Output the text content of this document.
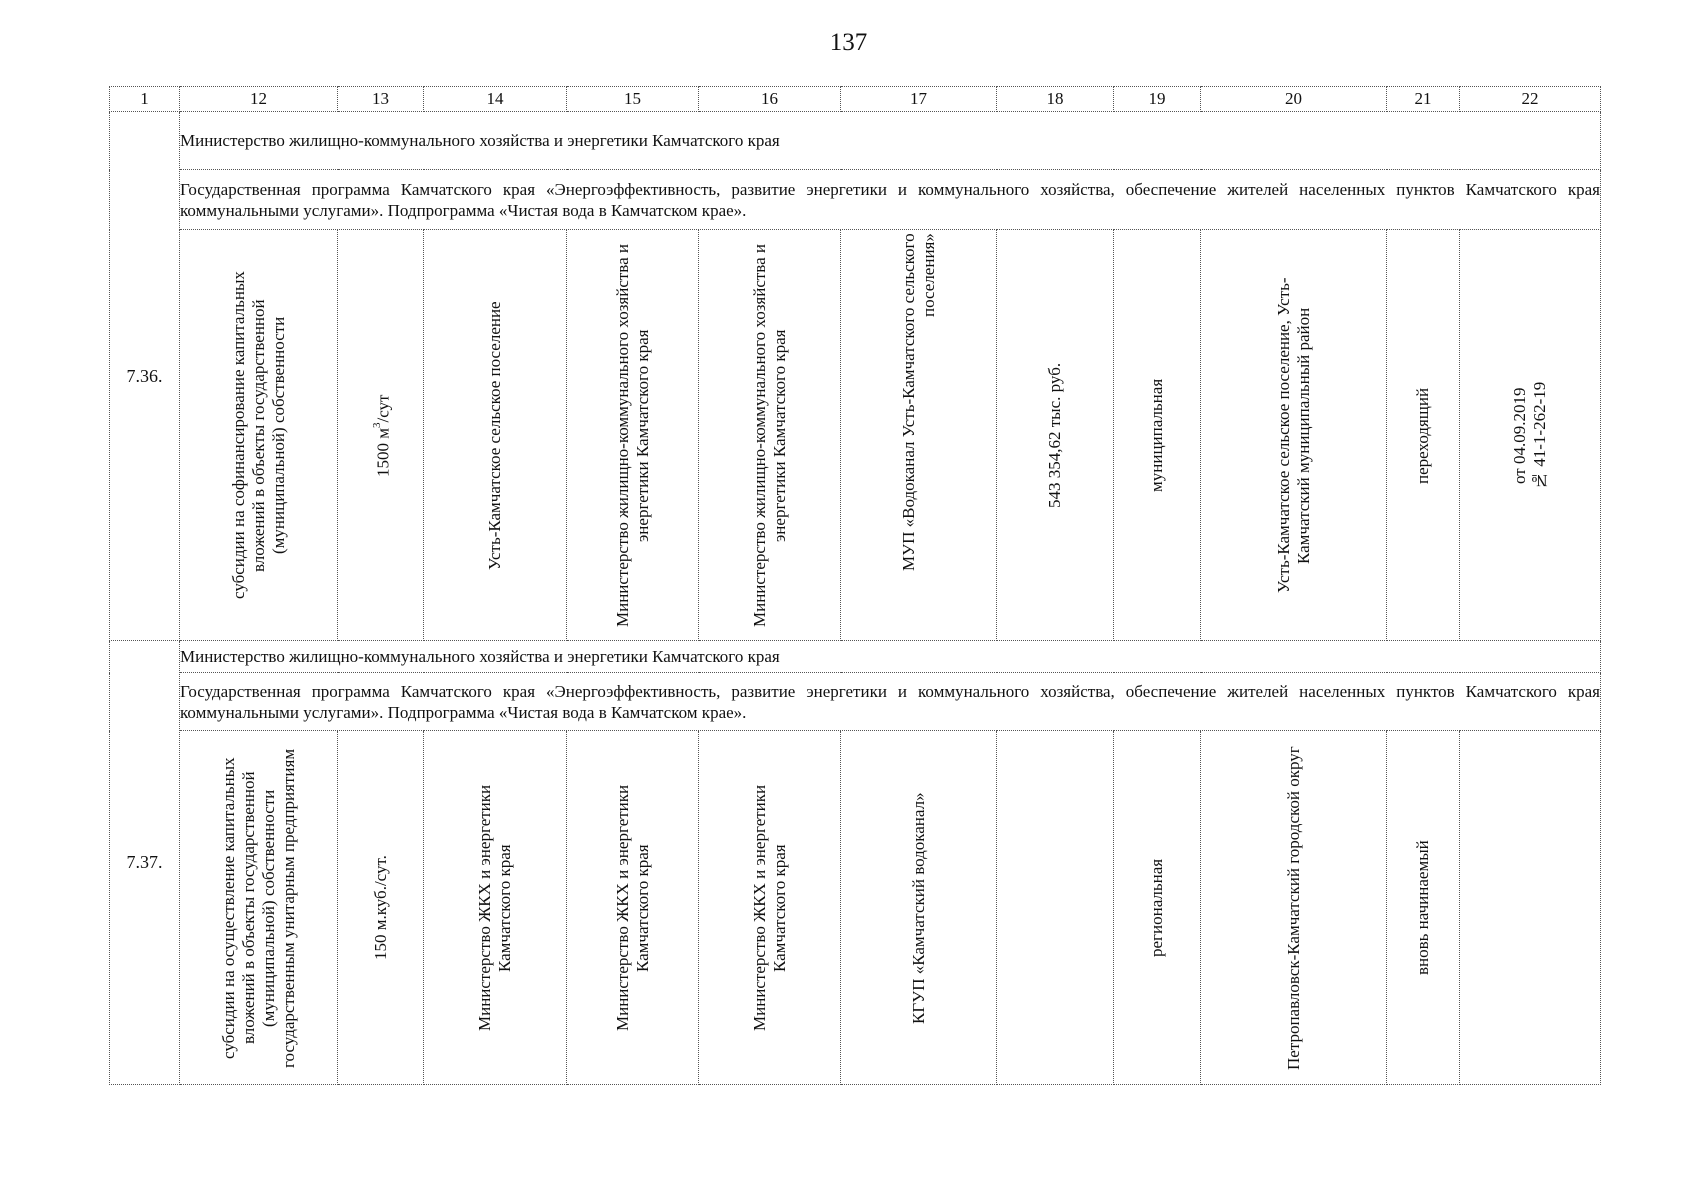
137
1	12	13	14	15	16	17	18	19	20	21	22
7.36.	Министерство жилищно-коммунального хозяйства и энергетики Камчатского края										
	Государственная программа Камчатского края «Энергоэффективность, развитие энергетики и коммунального хозяйства, обеспечение жителей населенных пунктов Камчатского края коммунальными услугами». Подпрограмма «Чистая вода в Камчатском крае».										

	субсидии на софинансирование капитальных вложений в объекты государственной (муниципальной) собственности	1500 $м^3$/сут	Усть-Камчатское сельское поселение	Министерство жилищно-коммунального хозяйства и энергетики Камчатского края	Министерство жилищно-коммунального хозяйства и энергетики Камчатского края	МУП «Водоканал Усть-Камчатского сельского поселения»	543 354,62 тыс. руб.	муниципальная	Усть-Камчатское сельское поселение, Усть-Камчатский муниципальный район	переходящий	от 04.09.2019
№ 41-1-262-19

7.37.	Министерство жилищно-коммунального хозяйства и энергетики Камчатского края										
	Государственная программа Камчатского края «Энергоэффективность, развитие энергетики и коммунального хозяйства, обеспечение жителей населенных пунктов Камчатского края коммунальными услугами». Подпрограмма «Чистая вода в Камчатском крае».										

	субсидии на осуществление капитальных вложений в объекты государственной (муниципальной) собственности государственным унитарным предприятиям	150 м.куб./сут.	Министерство ЖКХ и энергетики Камчатского края	Министерство ЖКХ и энергетики Камчатского края	Министерство ЖКХ и энергетики Камчатского края	КГУП «Камчатский водоканал»		региональная	Петропавловск-Камчатский городской округ	вновь начинаемый	
